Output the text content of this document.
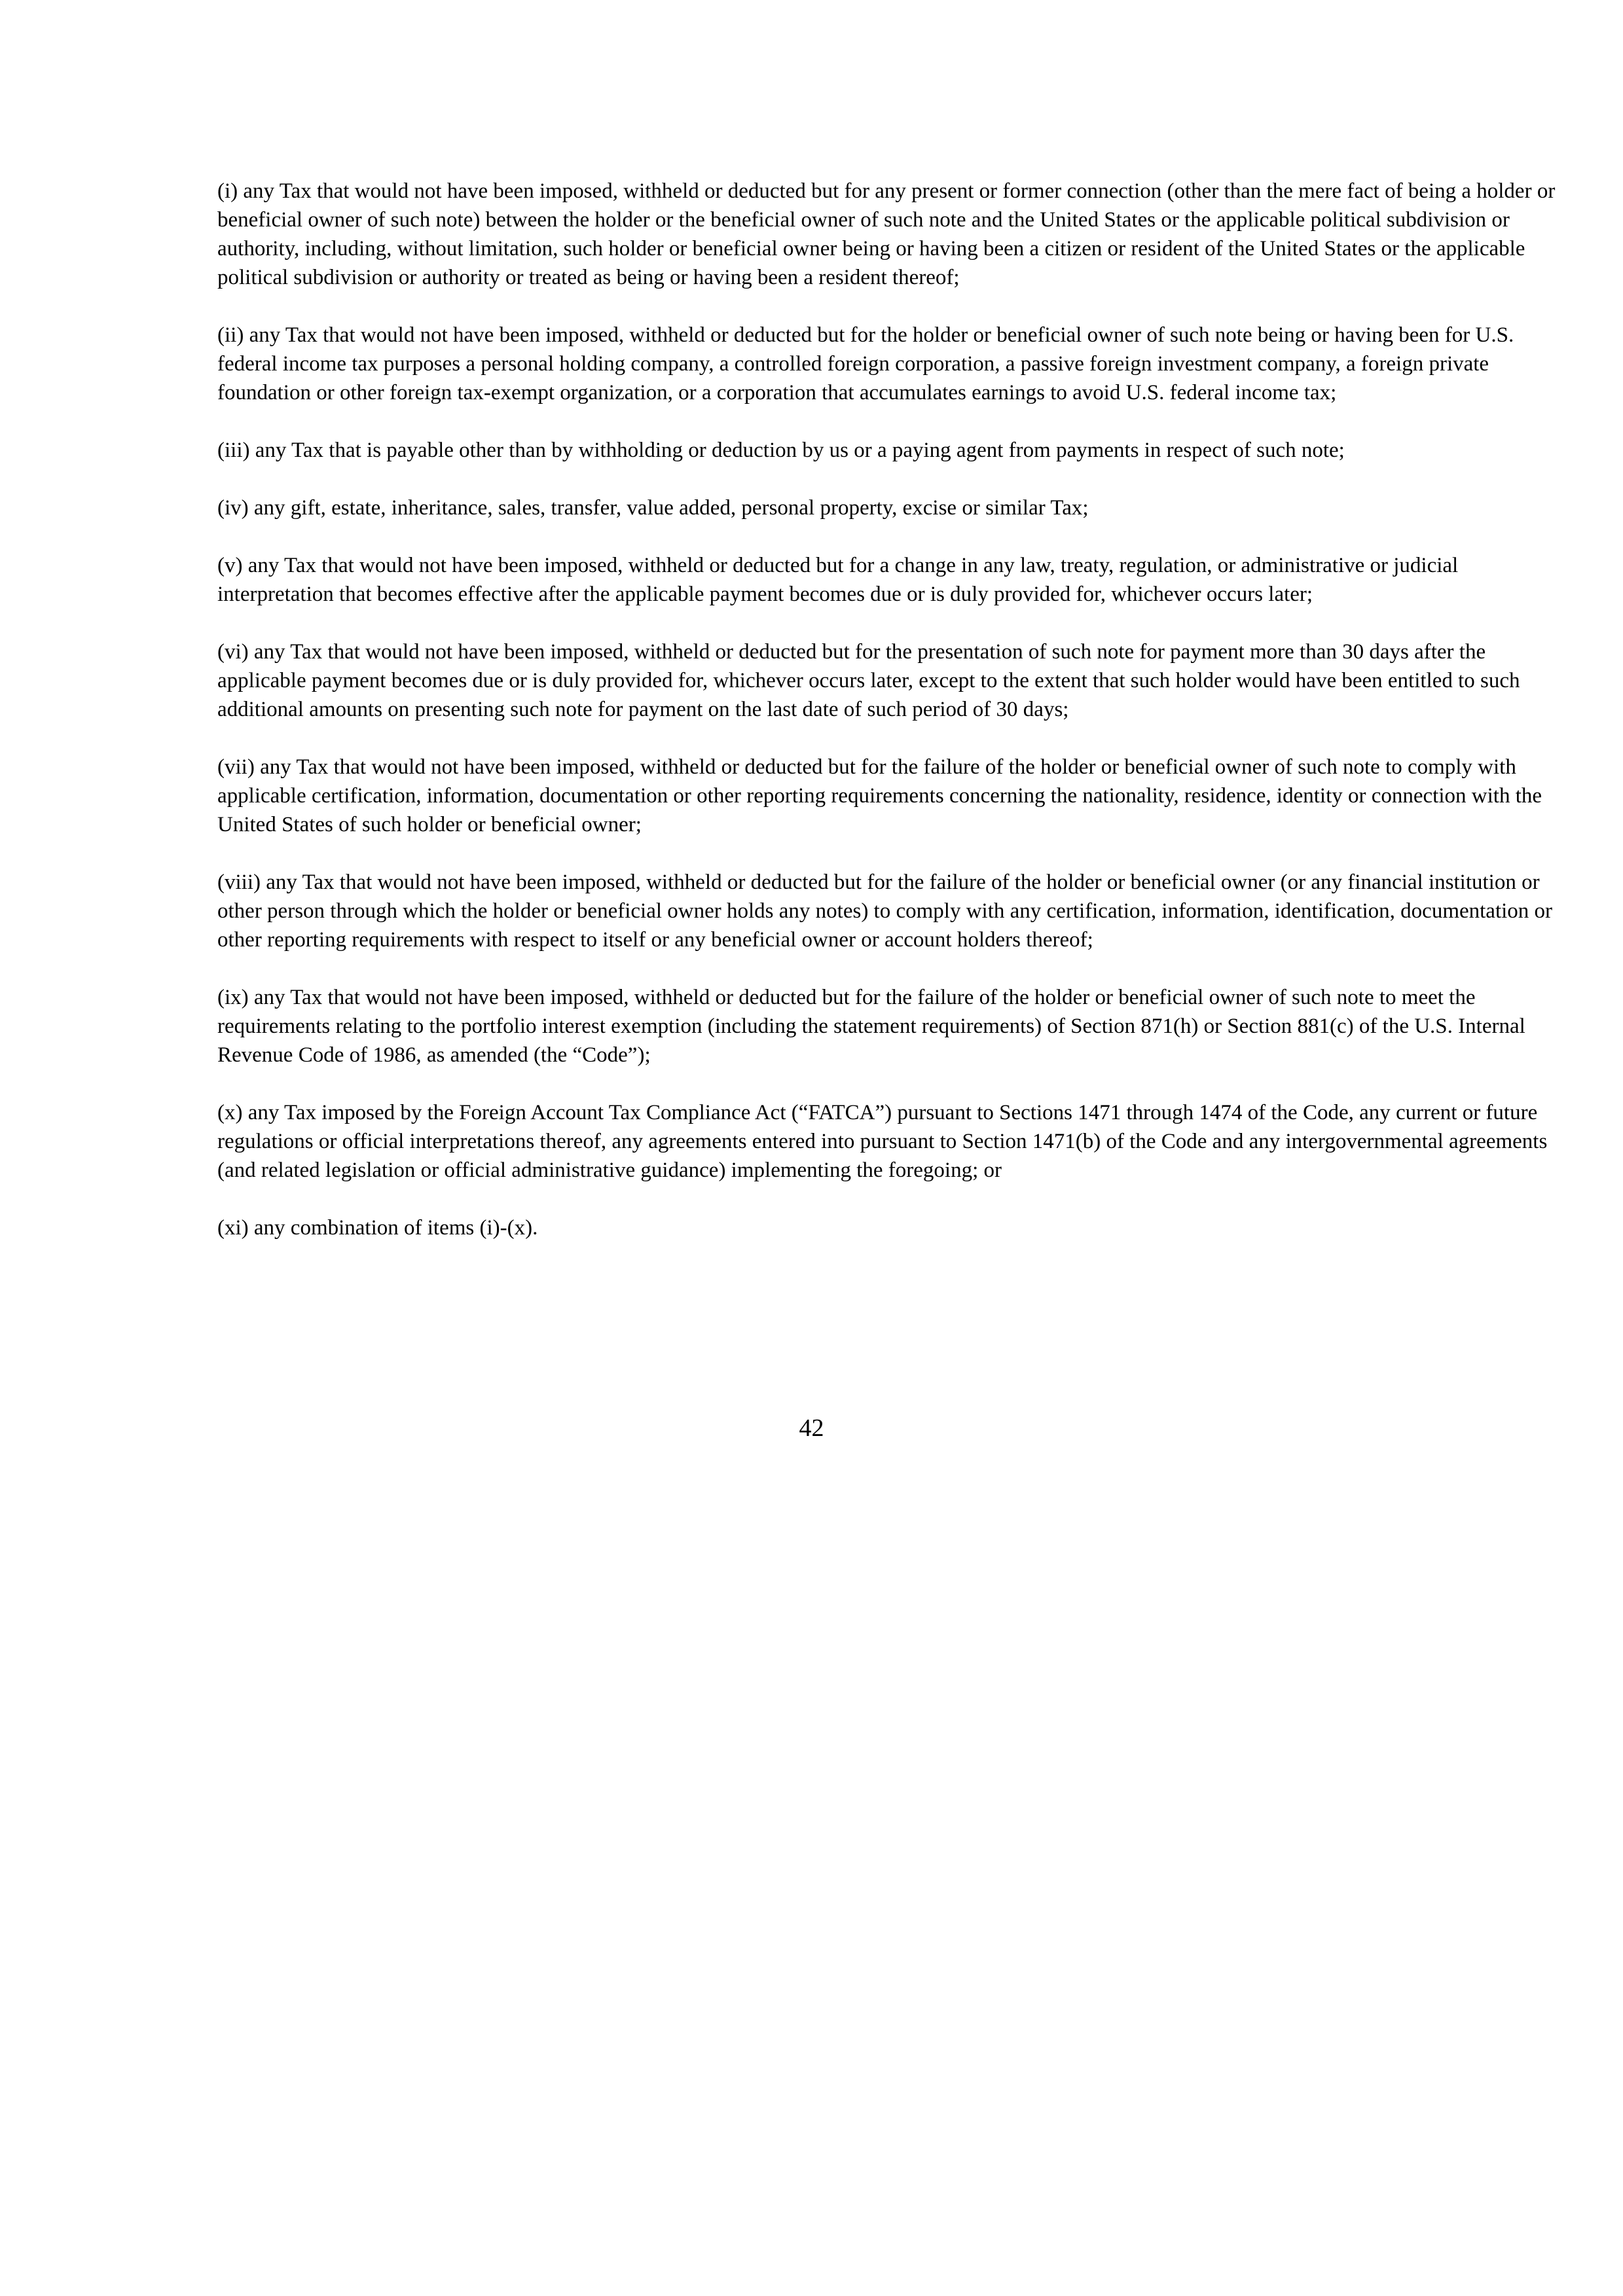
(i) any Tax that would not have been imposed, withheld or deducted but for any present or former connection (other than the mere fact of being a holder or beneficial owner of such note) between the holder or the beneficial owner of such note and the United States or the applicable political subdivision or authority, including, without limitation, such holder or beneficial owner being or having been a citizen or resident of the United States or the applicable political subdivision or authority or treated as being or having been a resident thereof;

(ii) any Tax that would not have been imposed, withheld or deducted but for the holder or beneficial owner of such note being or having been for U.S. federal income tax purposes a personal holding company, a controlled foreign corporation, a passive foreign investment company, a foreign private foundation or other foreign tax-exempt organization, or a corporation that accumulates earnings to avoid U.S. federal income tax;

(iii) any Tax that is payable other than by withholding or deduction by us or a paying agent from payments in respect of such note;

(iv) any gift, estate, inheritance, sales, transfer, value added, personal property, excise or similar Tax;

(v) any Tax that would not have been imposed, withheld or deducted but for a change in any law, treaty, regulation, or administrative or judicial interpretation that becomes effective after the applicable payment becomes due or is duly provided for, whichever occurs later;

(vi) any Tax that would not have been imposed, withheld or deducted but for the presentation of such note for payment more than 30 days after the applicable payment becomes due or is duly provided for, whichever occurs later, except to the extent that such holder would have been entitled to such additional amounts on presenting such note for payment on the last date of such period of 30 days;

(vii) any Tax that would not have been imposed, withheld or deducted but for the failure of the holder or beneficial owner of such note to comply with applicable certification, information, documentation or other reporting requirements concerning the nationality, residence, identity or connection with the United States of such holder or beneficial owner;

(viii) any Tax that would not have been imposed, withheld or deducted but for the failure of the holder or beneficial owner (or any financial institution or other person through which the holder or beneficial owner holds any notes) to comply with any certification, information, identification, documentation or other reporting requirements with respect to itself or any beneficial owner or account holders thereof;

(ix) any Tax that would not have been imposed, withheld or deducted but for the failure of the holder or beneficial owner of such note to meet the requirements relating to the portfolio interest exemption (including the statement requirements) of Section 871(h) or Section 881(c) of the U.S. Internal Revenue Code of 1986, as amended (the “Code”);

(x) any Tax imposed by the Foreign Account Tax Compliance Act (“FATCA”) pursuant to Sections 1471 through 1474 of the Code, any current or future regulations or official interpretations thereof, any agreements entered into pursuant to Section 1471(b) of the Code and any intergovernmental agreements (and related legislation or official administrative guidance) implementing the foregoing; or

(xi) any combination of items (i)-(x).

42
